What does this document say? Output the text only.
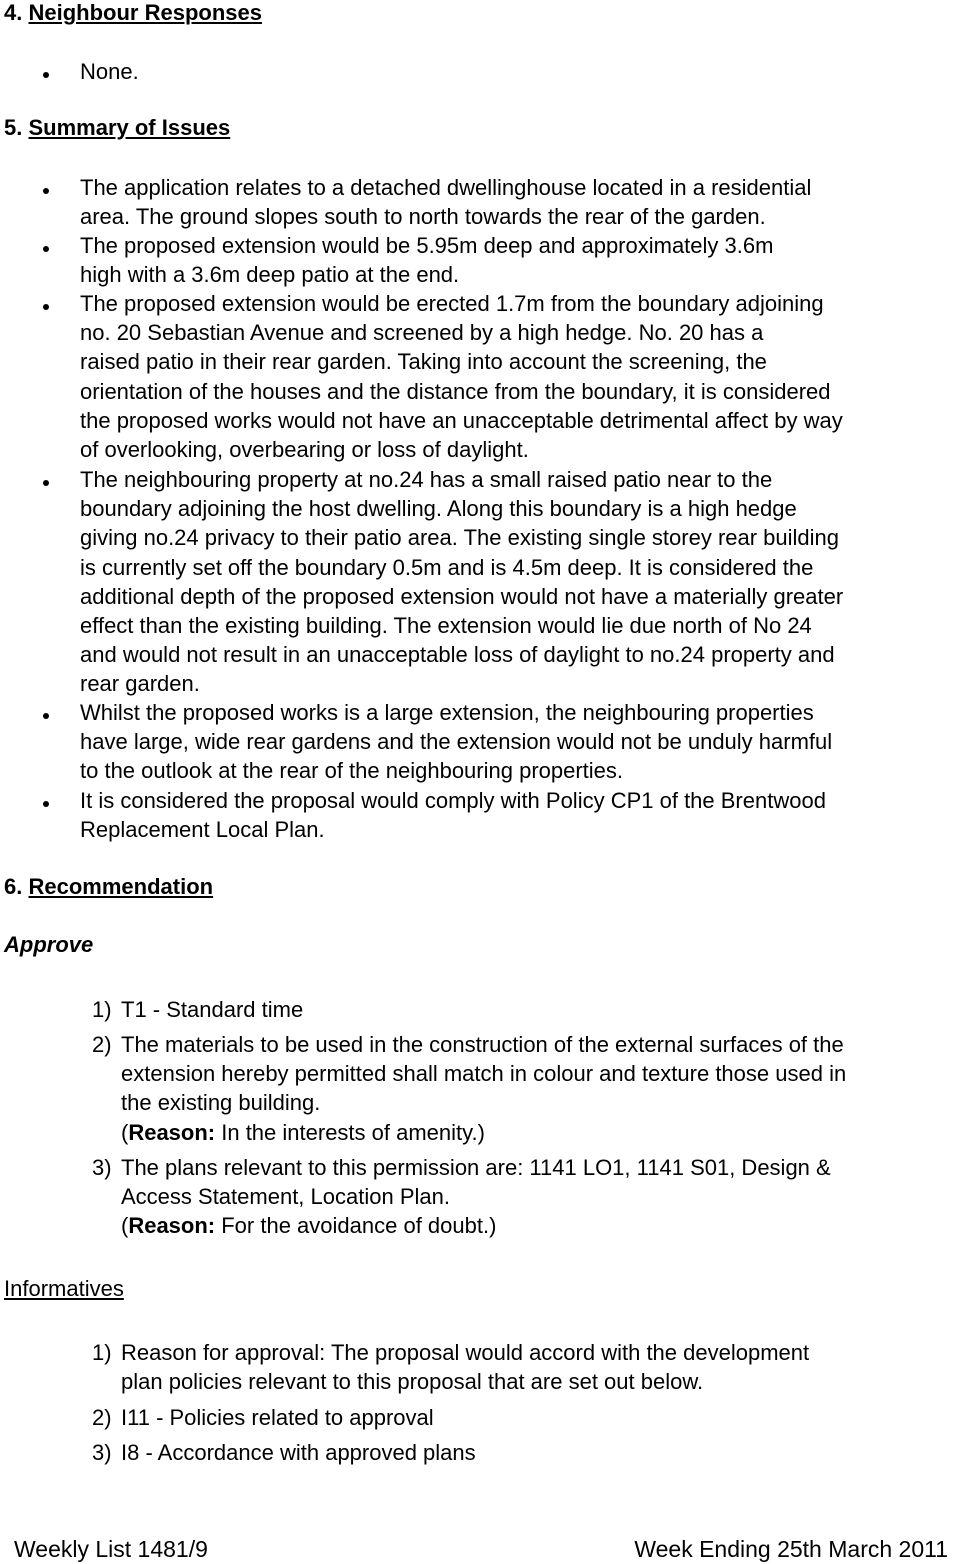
4. Neighbour Responses
None.
5. Summary of Issues
The application relates to a detached dwellinghouse located in a residential
area. The ground slopes south to north towards the rear of the garden.
The proposed extension would be 5.95m deep and approximately 3.6m
high with a 3.6m deep patio at the end.
The proposed extension would be erected 1.7m from the boundary adjoining
no. 20 Sebastian Avenue and screened by a high hedge. No. 20 has a
raised patio in their rear garden. Taking into account the screening, the
orientation of the houses and the distance from the boundary, it is considered
the proposed works would not have an unacceptable detrimental affect by way
of overlooking, overbearing or loss of daylight.
The neighbouring property at no.24 has a small raised patio near to the
boundary adjoining the host dwelling. Along this boundary is a high hedge
giving no.24 privacy to their patio area. The existing single storey rear building
is currently set off the boundary 0.5m and is 4.5m deep. It is considered the
additional depth of the proposed extension would not have a materially greater
effect than the existing building. The extension would lie due north of No 24
and would not result in an unacceptable loss of daylight to no.24 property and
rear garden.
Whilst the proposed works is a large extension, the neighbouring properties
have large, wide rear gardens and the extension would not be unduly harmful
to the outlook at the rear of the neighbouring properties.
It is considered the proposal would comply with Policy CP1 of the Brentwood
Replacement Local Plan.
6. Recommendation
Approve
1) T1 - Standard time
2) The materials to be used in the construction of the external surfaces of the
extension hereby permitted shall match in colour and texture those used in
the existing building.
(Reason: In the interests of amenity.)
3) The plans relevant to this permission are: 1141 LO1, 1141 S01, Design &
Access Statement, Location Plan.
(Reason: For the avoidance of doubt.)
Informatives
1) Reason for approval: The proposal would accord with the development
plan policies relevant to this proposal that are set out below.
2) I11 - Policies related to approval
3) I8 - Accordance with approved plans
Weekly List 1481/9	Week Ending 25th March 2011
